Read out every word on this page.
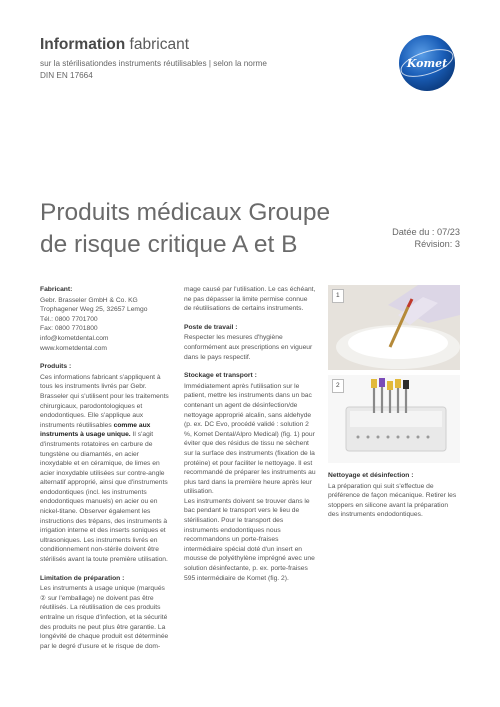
Information fabricant
sur la stérilisationdes instruments réutilisables | selon la norme
DIN EN 17664
Komet
Produits médicaux Groupe
de risque critique A et B	Datée du : 07/23
Révision: 3
Fabricant:
Gebr. Brasseler GmbH & Co. KG
Trophagener Weg 25, 32657 Lemgo
Tél.: 0800 7701700
Fax: 0800 7701800
info@kometdental.com
www.kometdental.com
Produits :
Ces informations fabricant s'appliquent à tous les instruments livrés par Gebr. Brasseler qui s'utilisent pour les traitements chirurgicaux, parodontologiques et endodontiques. Elle s'applique aux instruments réutilisables comme aux instruments à usage unique. Il s'agit d'instruments rotatoires en carbure de tungstène ou diamantés, en acier inoxydable et en céramique, de limes en acier inoxydable utilisées sur contre-angle alternatif approprié, ainsi que d'instruments endodontiques (incl. les instruments endodontiques manuels) en acier ou en nickel-titane. Observer également les instructions des trépans, des instruments à irrigation interne et des inserts soniques et ultrasoniques. Les instruments livrés en conditionnement non-stérile doivent être stérilisés avant la toute première utilisation.
Limitation de préparation :
Les instruments à usage unique (marqués ② sur l'emballage) ne doivent pas être réutilisés. La réutilisation de ces produits entraîne un risque d'infection, et la sécurité des produits ne peut plus être garantie. La longévité de chaque produit est déterminée par le degré d'usure et le risque de dom-
mage causé par l'utilisation. Le cas échéant, ne pas dépasser la limite permise connue de réutilisations de certains instruments.
Poste de travail :
Respecter les mesures d'hygiène conformément aux prescriptions en vigueur dans le pays respectif.
Stockage et transport :
Immédiatement après l'utilisation sur le patient, mettre les instruments dans un bac contenant un agent de désinfection/de nettoyage approprié alcalin, sans aldehyde (p. ex. DC Evo, procédé validé : solution 2 %, Komet Dental/Alpro Medical) (fig. 1) pour éviter que des résidus de tissu ne sèchent sur la surface des instruments (fixation de la protéine) et pour faciliter le nettoyage. Il est recommandé de préparer les instruments au plus tard dans la première heure après leur utilisation.
Les instruments doivent se trouver dans le bac pendant le transport vers le lieu de stérilisation. Pour le transport des instruments endodontiques nous recommandons un porte-fraises intermédiaire spécial doté d'un insert en mousse de polyéthylène imprégné avec une solution désinfectante, p. ex. porte-fraises 595 intermédiaire de Komet (fig. 2).
1
2
Nettoyage et désinfection :
La préparation qui suit s'effectue de préférence de façon mécanique. Retirer les stoppers en silicone avant la préparation des instruments endodontiques.
